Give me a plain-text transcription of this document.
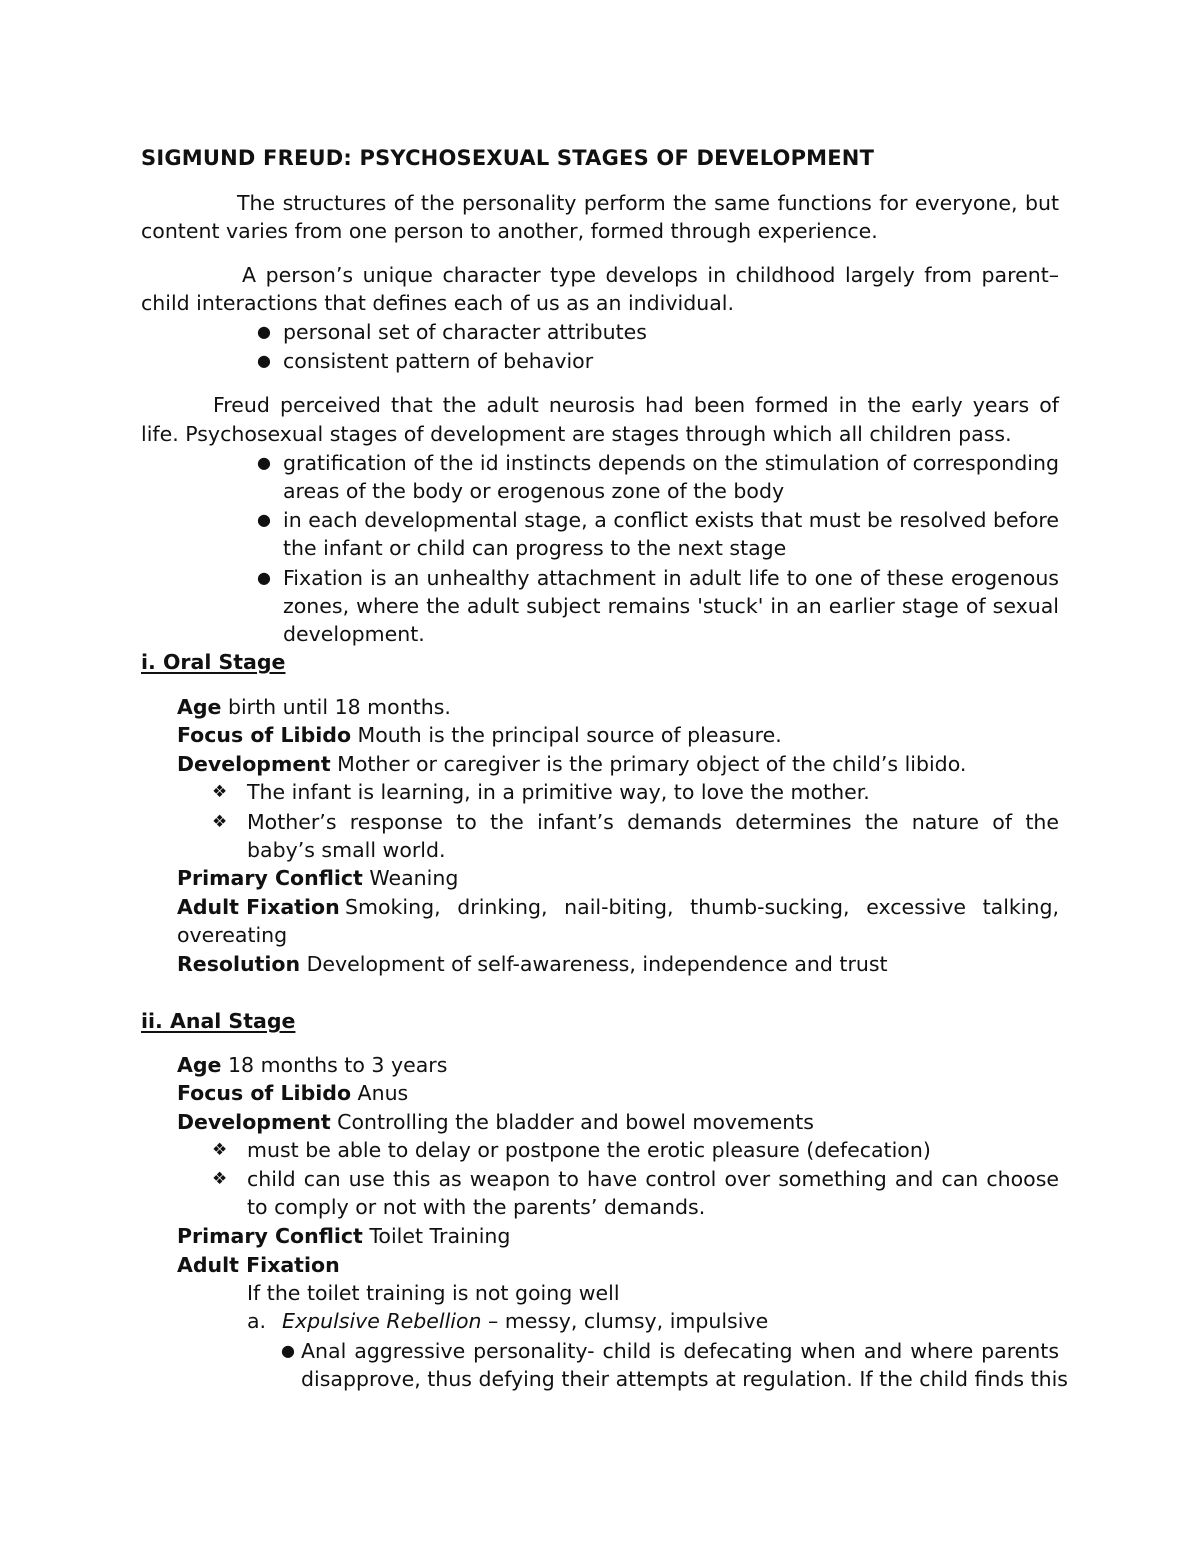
SIGMUND FREUD: PSYCHOSEXUAL STAGES OF DEVELOPMENT
The structures of the personality perform the same functions for everyone, but
content varies from one person to another, formed through experience.
A person’s unique character type develops in childhood largely from parent–
child interactions that defines each of us as an individual.
● personal set of character attributes
● consistent pattern of behavior
Freud perceived that the adult neurosis had been formed in the early years of
life. Psychosexual stages of development are stages through which all children pass.
● gratification of the id instincts depends on the stimulation of corresponding
areas of the body or erogenous zone of the body
● in each developmental stage, a conflict exists that must be resolved before
the infant or child can progress to the next stage
● Fixation is an unhealthy attachment in adult life to one of these erogenous
zones, where the adult subject remains 'stuck' in an earlier stage of sexual
development.
i. Oral Stage
Age birth until 18 months.
Focus of Libido Mouth is the principal source of pleasure.
Development Mother or caregiver is the primary object of the child’s libido.
❖ The infant is learning, in a primitive way, to love the mother.
❖ Mother’s response to the infant’s demands determines the nature of the
baby’s small world.
Primary Conflict Weaning
Adult Fixation Smoking, drinking, nail-biting, thumb-sucking, excessive talking,
overeating
Resolution Development of self-awareness, independence and trust
ii. Anal Stage
Age 18 months to 3 years
Focus of Libido Anus
Development Controlling the bladder and bowel movements
❖ must be able to delay or postpone the erotic pleasure (defecation)
❖ child can use this as weapon to have control over something and can choose
to comply or not with the parents’ demands.
Primary Conflict Toilet Training
Adult Fixation
If the toilet training is not going well
a. Expulsive Rebellion – messy, clumsy, impulsive
● Anal aggressive personality- child is defecating when and where parents
disapprove, thus defying their attempts at regulation. If the child finds this
